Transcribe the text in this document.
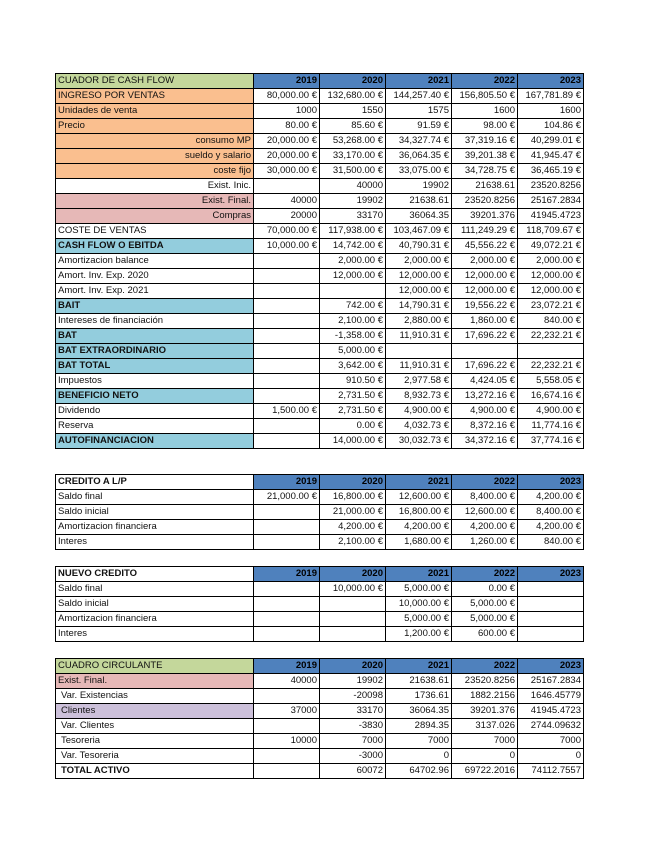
CUADOR DE CASH FLOW	2019	2020	2021	2022	2023
INGRESO POR VENTAS	80,000.00 €	132,680.00 €	144,257.40 €	156,805.50 €	167,781.89 €
Unidades de venta	1000	1550	1575	1600	1600
Precio	80.00 €	85.60 €	91.59 €	98.00 €	104.86 €
consumo MP	20,000.00 €	53,268.00 €	34,327.74 €	37,319.16 €	40,299.01 €
sueldo y salario	20,000.00 €	33,170.00 €	36,064.35 €	39,201.38 €	41,945.47 €
coste fijo	30,000.00 €	31,500.00 €	33,075.00 €	34,728.75 €	36,465.19 €
Exist. Inic.		40000	19902	21638.61	23520.8256
Exist. Final.	40000	19902	21638.61	23520.8256	25167.2834
Compras	20000	33170	36064.35	39201.376	41945.4723
COSTE DE VENTAS	70,000.00 €	117,938.00 €	103,467.09 €	111,249.29 €	118,709.67 €
CASH FLOW O EBITDA	10,000.00 €	14,742.00 €	40,790.31 €	45,556.22 €	49,072.21 €
Amortizacion balance		2,000.00 €	2,000.00 €	2,000.00 €	2,000.00 €
Amort. Inv. Exp. 2020		12,000.00 €	12,000.00 €	12,000.00 €	12,000.00 €
Amort. Inv. Exp. 2021			12,000.00 €	12,000.00 €	12,000.00 €
BAIT		742.00 €	14,790.31 €	19,556.22 €	23,072.21 €
Intereses de financiación		2,100.00 €	2,880.00 €	1,860.00 €	840.00 €
BAT		-1,358.00 €	11,910.31 €	17,696.22 €	22,232.21 €
BAT EXTRAORDINARIO		5,000.00 €			
BAT TOTAL		3,642.00 €	11,910.31 €	17,696.22 €	22,232.21 €
Impuestos		910.50 €	2,977.58 €	4,424.05 €	5,558.05 €
BENEFICIO NETO		2,731.50 €	8,932.73 €	13,272.16 €	16,674.16 €
Dividendo	1,500.00 €	2,731.50 €	4,900.00 €	4,900.00 €	4,900.00 €
Reserva		0.00 €	4,032.73 €	8,372.16 €	11,774.16 €
AUTOFINANCIACION		14,000.00 €	30,032.73 €	34,372.16 €	37,774.16 €
CREDITO A L/P	2019	2020	2021	2022	2023
Saldo final	21,000.00 €	16,800.00 €	12,600.00 €	8,400.00 €	4,200.00 €
Saldo inicial		21,000.00 €	16,800.00 €	12,600.00 €	8,400.00 €
Amortizacion financiera		4,200.00 €	4,200.00 €	4,200.00 €	4,200.00 €
Interes		2,100.00 €	1,680.00 €	1,260.00 €	840.00 €
NUEVO CREDITO	2019	2020	2021	2022	2023
Saldo final		10,000.00 €	5,000.00 €	0.00 €	
Saldo inicial			10,000.00 €	5,000.00 €	
Amortizacion financiera			5,000.00 €	5,000.00 €	
Interes			1,200.00 €	600.00 €	
CUADRO CIRCULANTE	2019	2020	2021	2022	2023
Exist. Final.	40000	19902	21638.61	23520.8256	25167.2834
Var. Existencias		-20098	1736.61	1882.2156	1646.45779
Clientes	37000	33170	36064.35	39201.376	41945.4723
Var. Clientes		-3830	2894.35	3137.026	2744.09632
Tesoreria	10000	7000	7000	7000	7000
Var. Tesoreria		-3000	0	0	0
TOTAL ACTIVO		60072	64702.96	69722.2016	74112.7557
